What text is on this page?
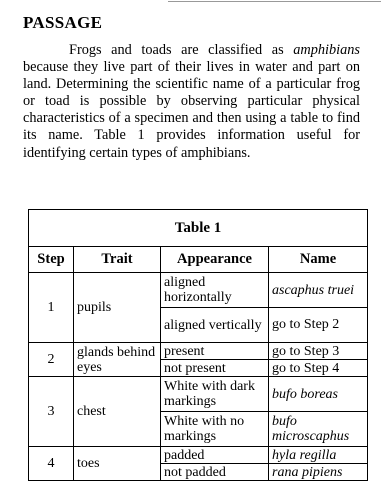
PASSAGE

Frogs and toads are classified as amphibians because they live part of their lives in water and part on land. Determining the scientific name of a particular frog or toad is possible by observing particular physical characteristics of a specimen and then using a table to find its name. Table 1 provides information useful for identifying certain types of amphibians.

Table 1			
Step	Trait	Appearance	Name
1	pupils	aligned horizontally	ascaphus truei
		aligned vertically	go to Step 2
2	glands behind eyes	present	go to Step 3
		not present	go to Step 4
3	chest	White with dark markings	bufo boreas
		White with no markings	bufo microscaphus
4	toes	padded	hyla regilla
		not padded	rana pipiens
